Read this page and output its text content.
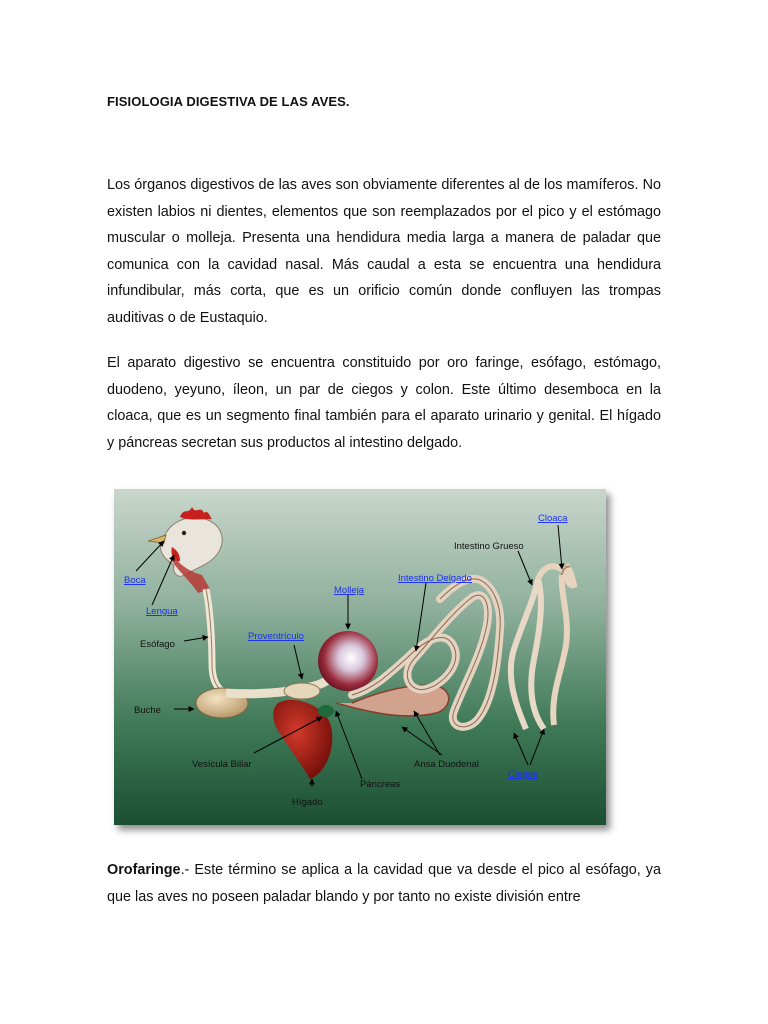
FISIOLOGIA DIGESTIVA DE LAS AVES.
Los órganos digestivos de las aves son obviamente diferentes al de los mamíferos. No existen labios ni dientes, elementos que son reemplazados por el pico y el estómago muscular o molleja. Presenta una hendidura media larga a manera de paladar que comunica con la cavidad nasal. Más caudal a esta se encuentra una hendidura infundibular, más corta, que es un orificio común donde confluyen las trompas auditivas o de Eustaquio.
El aparato digestivo se encuentra constituido por oro faringe, esófago, estómago, duodeno, yeyuno, íleon, un par de ciegos y colon. Este último desemboca en la cloaca, que es un segmento final también para el aparato urinario y genital. El hígado y páncreas secretan sus productos al intestino delgado.
Boca
Lengua
Esófago
Buche
Vesícula Biliar
Hígado
Páncreas
Proventrículo
Molleja
Intestino Delgado
Intestino Grueso
Cloaca
Ansa Duodenal
Ciegos
Orofaringe.- Este término se aplica a la cavidad que va desde el pico al esófago, ya que las aves no poseen paladar blando y por tanto no existe división entre
